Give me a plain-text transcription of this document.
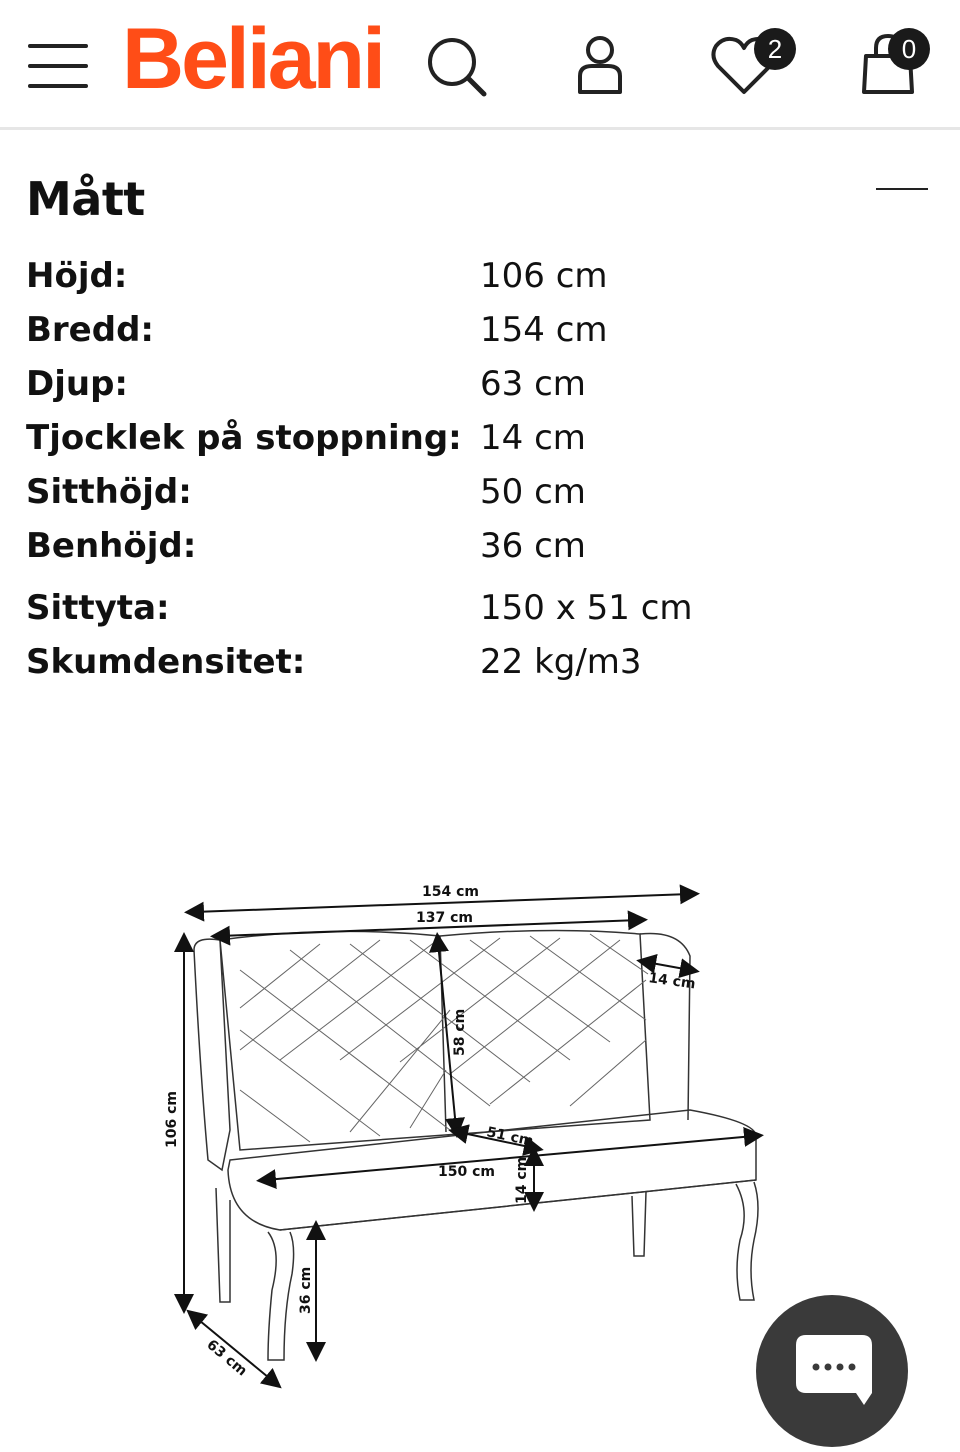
Beliani	2	0
Mått
Höjd:	106 cm
Bredd:	154 cm
Djup:	63 cm
Tjocklek på stoppning: 14 cm
Sitthöjd:	50 cm
Benhöjd:	36 cm
Sittyta:	150 x 51 cm
Skumdensitet:	22 kg/m3
154 cm
137 cm
106 cm
58 cm
14 cm
51 cm
150 cm 14 cm
36 cm
63 cm
